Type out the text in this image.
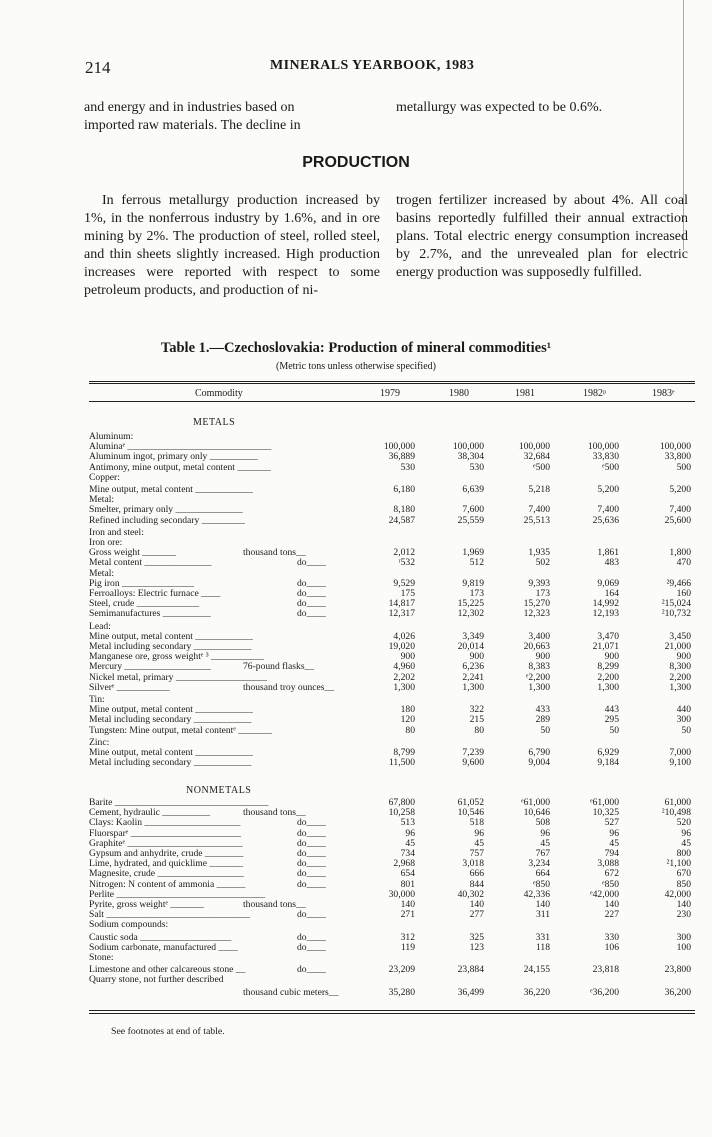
214	MINERALS YEARBOOK, 1983
and energy and in industries based on
imported raw materials. The decline in
metallurgy was expected to be 0.6%.
PRODUCTION
In ferrous metallurgy production increased by 1%, in the nonferrous industry by 1.6%, and in ore mining by 2%. The production of steel, rolled steel, and thin sheets slightly increased. High production increases were reported with respect to some petroleum products, and production of ni-
trogen fertilizer increased by about 4%. All coal basins reportedly fulfilled their annual extraction plans. Total electric energy consumption increased by 2.7%, and the unrevealed plan for electric energy production was supposedly fulfilled.
Table 1.—Czechoslovakia: Production of mineral commodities¹
(Metric tons unless otherwise specified)
Commodity	1979	1980	1981	1982ᵖ	1983ᵉ
METALS
NONMETALS
Aluminum:
Aluminaᵉ ______________________________	100,000	100,000	100,000	100,000	100,000
Aluminum ingot, primary only __________	36,889	38,304	32,684	33,830	33,800
Antimony, mine output, metal content _______	530	530	ᵉ500	ᵉ500	500
Copper:
Mine output, metal content ____________	6,180	6,639	5,218	5,200	5,200
Metal:
Smelter, primary only ______________	8,180	7,600	7,400	7,400	7,400
Refined including secondary _________	24,587	25,559	25,513	25,636	25,600
Iron and steel:
Iron ore:
Gross weight _______	thousand tons__	2,012	1,969	1,935	1,861	1,800
Metal content ______________	do____	ʳ532	512	502	483	470
Metal:
Pig iron _______________	do____	9,529	9,819	9,393	9,069	²9,466
Ferroalloys: Electric furnace ____	do____	175	173	173	164	160
Steel, crude _____________	do____	14,817	15,225	15,270	14,992	²15,024
Semimanufactures __________	do____	12,317	12,302	12,323	12,193	²10,732
Lead:
Mine output, metal content ____________	4,026	3,349	3,400	3,470	3,450
Metal including secondary ____________	19,020	20,014	20,663	21,071	21,000
Manganese ore, gross weightᵉ ³ ___________	900	900	900	900	900
Mercury __________________	76-pound flasks__	4,960	6,236	8,383	8,299	8,300
Nickel metal, primary ___________________	2,202	2,241	ᵉ2,200	2,200	2,200
Silverᵉ ___________	thousand troy ounces__	1,300	1,300	1,300	1,300	1,300
Tin:
Mine output, metal content ____________	180	322	433	443	440
Metal including secondary ____________	120	215	289	295	300
Tungsten: Mine output, metal contentᵉ _______	80	80	50	50	50
Zinc:
Mine output, metal content ____________	8,799	7,239	6,790	6,929	7,000
Metal including secondary ____________	11,500	9,600	9,004	9,184	9,100
Barite ________________________________	67,800	61,052	ᵉ61,000	ᵉ61,000	61,000
Cement, hydraulic __________	thousand tons__	10,258	10,546	10,646	10,325	²10,498
Clays: Kaolin ____________________	do____	513	518	508	527	520
Fluorsparᵉ _______________________	do____	96	96	96	96	96
Graphiteᵉ ________________________	do____	45	45	45	45	45
Gypsum and anhydrite, crude ________	do____	734	757	767	794	800
Lime, hydrated, and quicklime _______	do____	2,968	3,018	3,234	3,088	²1,100
Magnesite, crude __________________	do____	654	666	664	672	670
Nitrogen: N content of ammonia ______	do____	801	844	ᵉ850	ᵉ850	850
Perlite _______________________________	30,000	40,302	42,336	ᵉ42,000	42,000
Pyrite, gross weightᵉ _______	thousand tons__	140	140	140	140	140
Salt ______________________________	do____	271	277	311	227	230
Sodium compounds:
Caustic soda ___________________	do____	312	325	331	330	300
Sodium carbonate, manufactured ____	do____	119	123	118	106	100
Stone:
Limestone and other calcareous stone __	do____	23,209	23,884	24,155	23,818	23,800
Quarry stone, not further described
thousand cubic meters__	35,280	36,499	36,220	ᵉ36,200	36,200
See footnotes at end of table.
